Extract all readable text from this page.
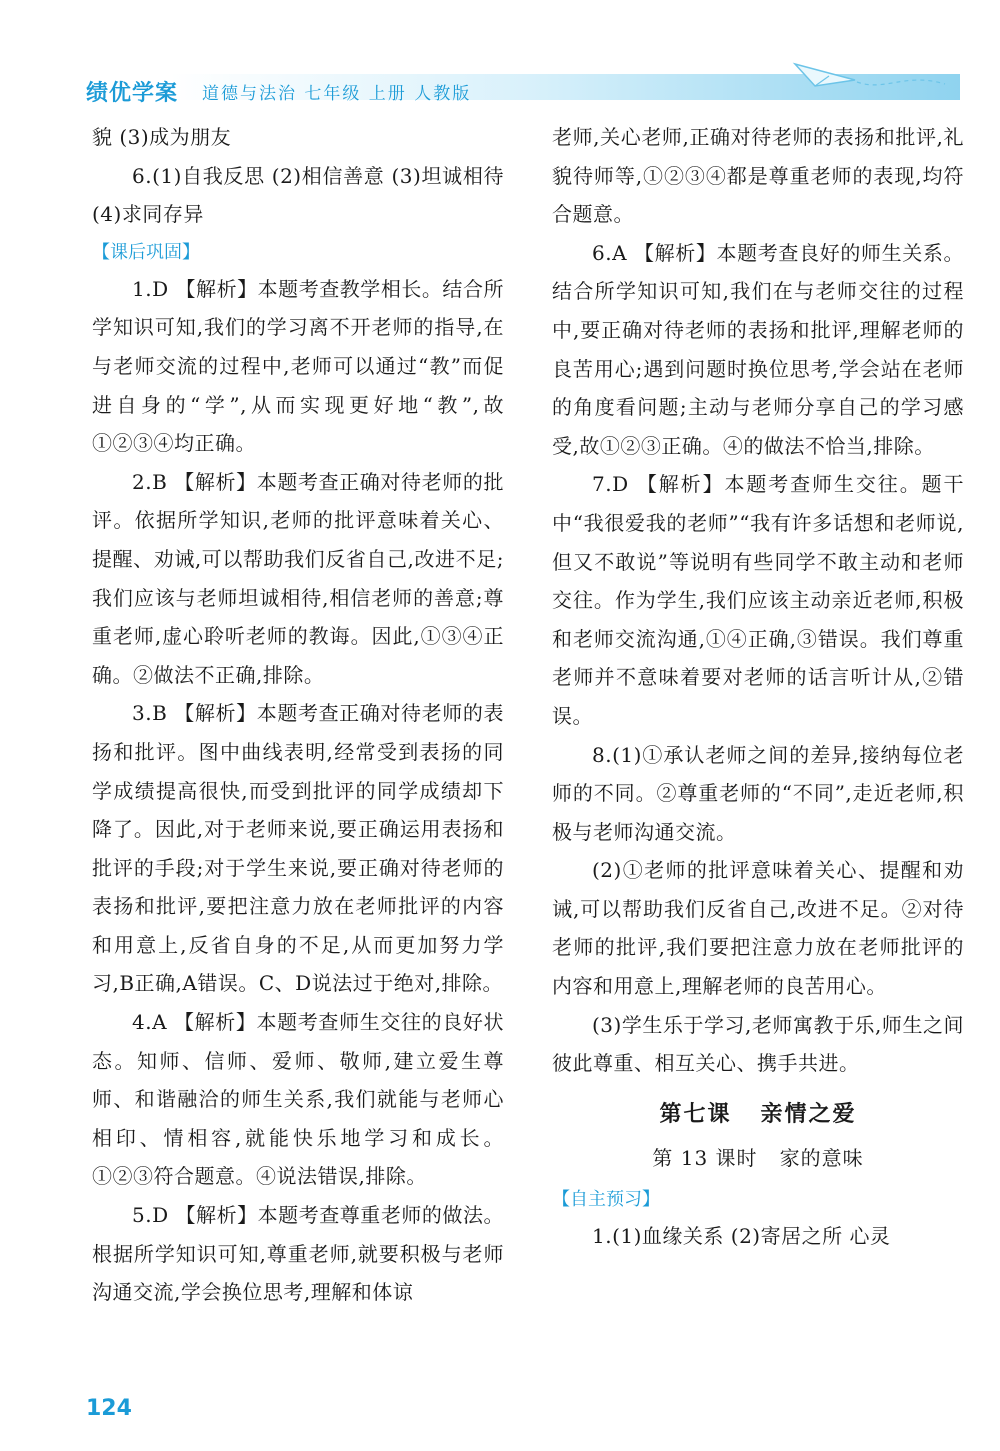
绩优学案 道德与法治 七年级 上册 人教版

貌 (3)成为朋友

6.(1)自我反思 (2)相信善意 (3)坦诚相待 (4)求同存异

【课后巩固】

1.D 【解析】本题考查教学相长。结合所学知识可知,我们的学习离不开老师的指导,在与老师交流的过程中,老师可以通过“教”而促进自身的“学”,从而实现更好地“教”,故①②③④均正确。

2.B 【解析】本题考查正确对待老师的批评。依据所学知识,老师的批评意味着关心、提醒、劝诫,可以帮助我们反省自己,改进不足;我们应该与老师坦诚相待,相信老师的善意;尊重老师,虚心聆听老师的教诲。因此,①③④正确。②做法不正确,排除。

3.B 【解析】本题考查正确对待老师的表扬和批评。图中曲线表明,经常受到表扬的同学成绩提高很快,而受到批评的同学成绩却下降了。因此,对于老师来说,要正确运用表扬和批评的手段;对于学生来说,要正确对待老师的表扬和批评,要把注意力放在老师批评的内容和用意上,反省自身的不足,从而更加努力学习,B正确,A错误。C、D说法过于绝对,排除。

4.A 【解析】本题考查师生交往的良好状态。知师、信师、爱师、敬师,建立爱生尊师、和谐融洽的师生关系,我们就能与老师心相印、情相容,就能快乐地学习和成长。①②③符合题意。④说法错误,排除。

5.D 【解析】本题考查尊重老师的做法。根据所学知识可知,尊重老师,就要积极与老师沟通交流,学会换位思考,理解和体谅

老师,关心老师,正确对待老师的表扬和批评,礼貌待师等,①②③④都是尊重老师的表现,均符合题意。

6.A 【解析】本题考查良好的师生关系。结合所学知识可知,我们在与老师交往的过程中,要正确对待老师的表扬和批评,理解老师的良苦用心;遇到问题时换位思考,学会站在老师的角度看问题;主动与老师分享自己的学习感受,故①②③正确。④的做法不恰当,排除。

7.D 【解析】本题考查师生交往。题干中“我很爱我的老师”“我有许多话想和老师说,但又不敢说”等说明有些同学不敢主动和老师交往。作为学生,我们应该主动亲近老师,积极和老师交流沟通,①④正确,③错误。我们尊重老师并不意味着要对老师的话言听计从,②错误。

8.(1)①承认老师之间的差异,接纳每位老师的不同。②尊重老师的“不同”,走近老师,积极与老师沟通交流。

(2)①老师的批评意味着关心、提醒和劝诫,可以帮助我们反省自己,改进不足。②对待老师的批评,我们要把注意力放在老师批评的内容和用意上,理解老师的良苦用心。

(3)学生乐于学习,老师寓教于乐,师生之间彼此尊重、相互关心、携手共进。

第七课   亲情之爱
第 13 课时   家的意味
【自主预习】

1.(1)血缘关系 (2)寄居之所 心灵

124
